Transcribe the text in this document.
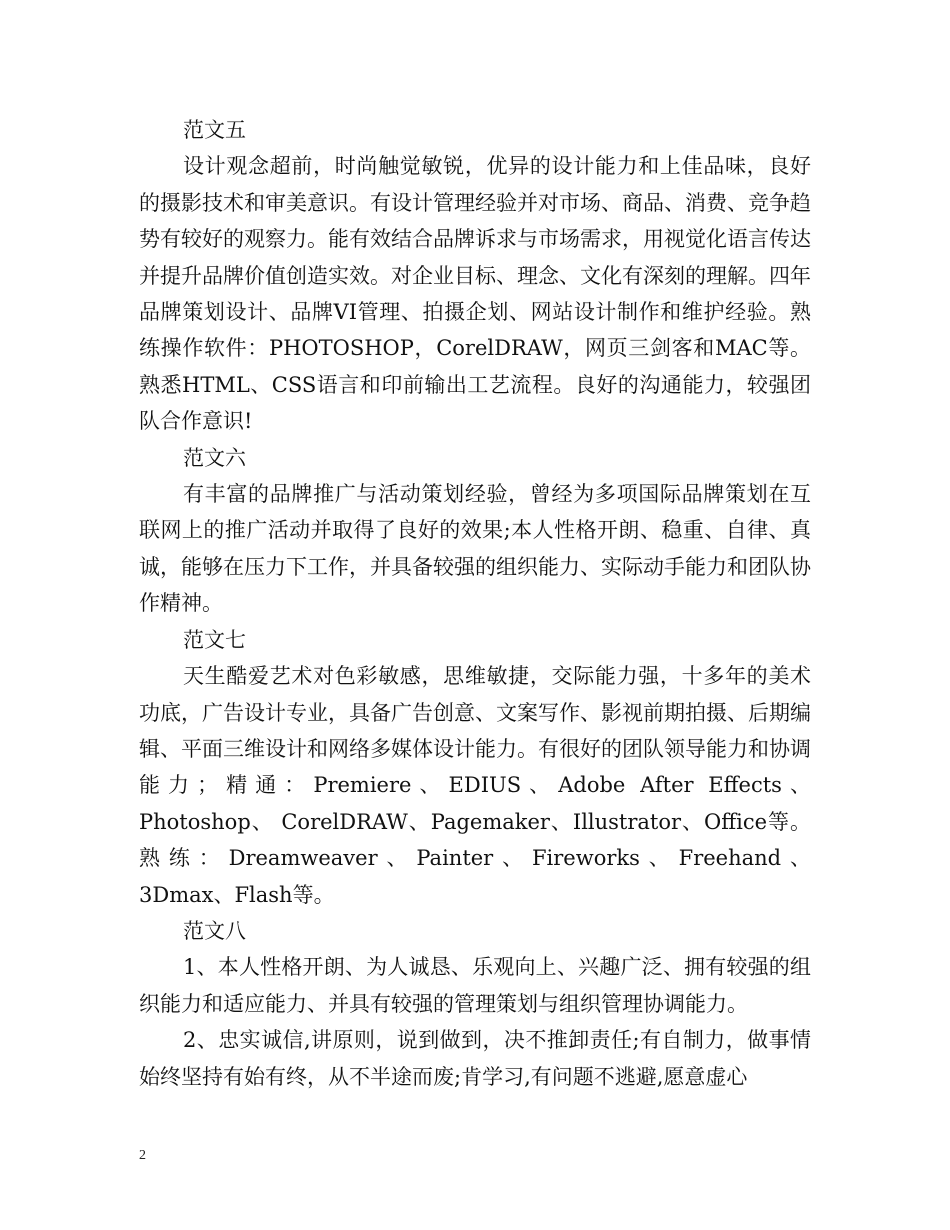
范文五

设计观念超前，时尚触觉敏锐，优异的设计能力和上佳品味，良好的摄影技术和审美意识。有设计管理经验并对市场、商品、消费、竞争趋势有较好的观察力。能有效结合品牌诉求与市场需求，用视觉化语言传达并提升品牌价值创造实效。对企业目标、理念、文化有深刻的理解。四年品牌策划设计、品牌VI管理、拍摄企划、网站设计制作和维护经验。熟练操作软件：PHOTOSHOP，CorelDRAW，网页三剑客和MAC等。熟悉HTML、CSS语言和印前输出工艺流程。良好的沟通能力，较强团队合作意识!

范文六

有丰富的品牌推广与活动策划经验，曾经为多项国际品牌策划在互联网上的推广活动并取得了良好的效果;本人性格开朗、稳重、自律、真诚，能够在压力下工作，并具备较强的组织能力、实际动手能力和团队协作精神。

范文七

天生酷爱艺术对色彩敏感，思维敏捷，交际能力强，十多年的美术功底，广告设计专业，具备广告创意、文案写作、影视前期拍摄、后期编辑、平面三维设计和网络多媒体设计能力。有很好的团队领导能力和协调能力；精通：Premiere、EDIUS、Adobe After Effects、Photoshop、 CorelDRAW、Pagemaker、Illustrator、Office等。熟练：Dreamweaver、Painter、Fireworks、Freehand、3Dmax、Flash等。

范文八

1、本人性格开朗、为人诚恳、乐观向上、兴趣广泛、拥有较强的组织能力和适应能力、并具有较强的管理策划与组织管理协调能力。

2、忠实诚信,讲原则，说到做到，决不推卸责任;有自制力，做事情始终坚持有始有终，从不半途而废;肯学习,有问题不逃避,愿意虚心

2
